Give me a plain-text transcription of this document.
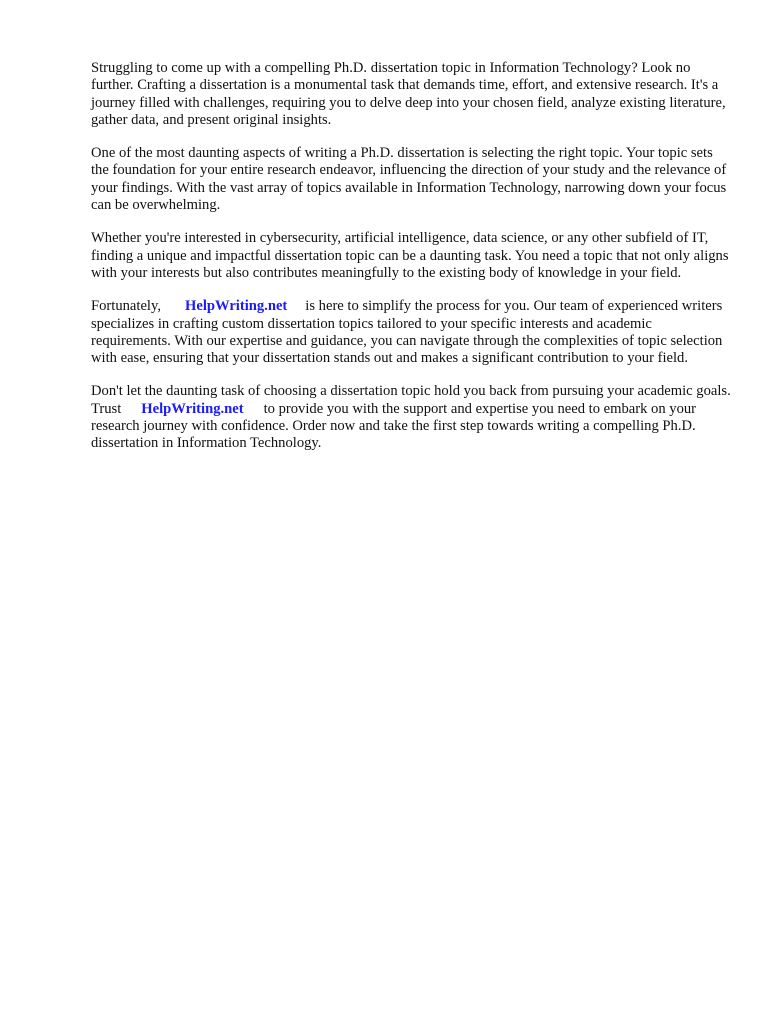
Struggling to come up with a compelling Ph.D. dissertation topic in Information Technology? Look no further. Crafting a dissertation is a monumental task that demands time, effort, and extensive research. It's a journey filled with challenges, requiring you to delve deep into your chosen field, analyze existing literature, gather data, and present original insights.

One of the most daunting aspects of writing a Ph.D. dissertation is selecting the right topic. Your topic sets the foundation for your entire research endeavor, influencing the direction of your study and the relevance of your findings. With the vast array of topics available in Information Technology, narrowing down your focus can be overwhelming.

Whether you're interested in cybersecurity, artificial intelligence, data science, or any other subfield of IT, finding a unique and impactful dissertation topic can be a daunting task. You need a topic that not only aligns with your interests but also contributes meaningfully to the existing body of knowledge in your field.

Fortunately, HelpWriting.net is here to simplify the process for you. Our team of experienced writers specializes in crafting custom dissertation topics tailored to your specific interests and academic requirements. With our expertise and guidance, you can navigate through the complexities of topic selection with ease, ensuring that your dissertation stands out and makes a significant contribution to your field.

Don't let the daunting task of choosing a dissertation topic hold you back from pursuing your academic goals. Trust HelpWriting.net to provide you with the support and expertise you need to embark on your research journey with confidence. Order now and take the first step towards writing a compelling Ph.D. dissertation in Information Technology.
